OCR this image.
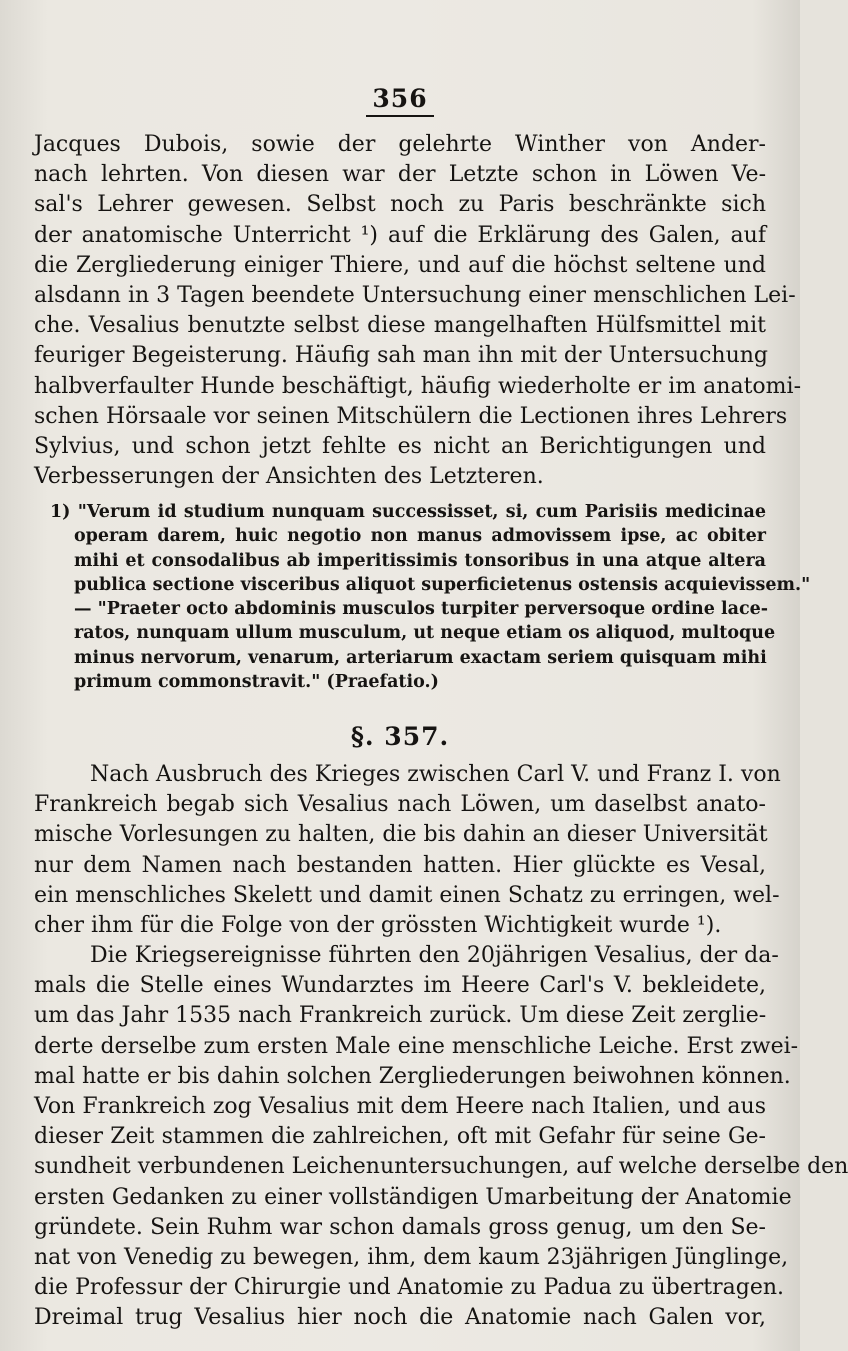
356
Jacques Dubois, sowie der gelehrte Winther von Ander-
nach lehrten. Von diesen war der Letzte schon in Löwen Ve-
sal's Lehrer gewesen. Selbst noch zu Paris beschränkte sich
der anatomische Unterricht ¹) auf die Erklärung des Galen, auf
die Zergliederung einiger Thiere, und auf die höchst seltene und
alsdann in 3 Tagen beendete Untersuchung einer menschlichen Lei-
che. Vesalius benutzte selbst diese mangelhaften Hülfsmittel mit
feuriger Begeisterung. Häufig sah man ihn mit der Untersuchung
halbverfaulter Hunde beschäftigt, häufig wiederholte er im anatomi-
schen Hörsaale vor seinen Mitschülern die Lectionen ihres Lehrers
Sylvius, und schon jetzt fehlte es nicht an Berichtigungen und
Verbesserungen der Ansichten des Letzteren.
1) "Verum id studium nunquam successisset, si, cum Parisiis medicinae
operam darem, huic negotio non manus admovissem ipse, ac obiter
mihi et consodalibus ab imperitissimis tonsoribus in una atque altera
publica sectione visceribus aliquot superficietenus ostensis acquievissem."
— "Praeter octo abdominis musculos turpiter perversoque ordine lace-
ratos, nunquam ullum musculum, ut neque etiam os aliquod, multoque
minus nervorum, venarum, arteriarum exactam seriem quisquam mihi
primum commonstravit." (Praefatio.)
§. 357.
Nach Ausbruch des Krieges zwischen Carl V. und Franz I. von
Frankreich begab sich Vesalius nach Löwen, um daselbst anato-
mische Vorlesungen zu halten, die bis dahin an dieser Universität
nur dem Namen nach bestanden hatten. Hier glückte es Vesal,
ein menschliches Skelett und damit einen Schatz zu erringen, wel-
cher ihm für die Folge von der grössten Wichtigkeit wurde ¹).
Die Kriegsereignisse führten den 20jährigen Vesalius, der da-
mals die Stelle eines Wundarztes im Heere Carl's V. bekleidete,
um das Jahr 1535 nach Frankreich zurück. Um diese Zeit zerglie-
derte derselbe zum ersten Male eine menschliche Leiche. Erst zwei-
mal hatte er bis dahin solchen Zergliederungen beiwohnen können.
Von Frankreich zog Vesalius mit dem Heere nach Italien, und aus
dieser Zeit stammen die zahlreichen, oft mit Gefahr für seine Ge-
sundheit verbundenen Leichenuntersuchungen, auf welche derselbe den
ersten Gedanken zu einer vollständigen Umarbeitung der Anatomie
gründete. Sein Ruhm war schon damals gross genug, um den Se-
nat von Venedig zu bewegen, ihm, dem kaum 23jährigen Jünglinge,
die Professur der Chirurgie und Anatomie zu Padua zu übertragen.
Dreimal trug Vesalius hier noch die Anatomie nach Galen vor,
